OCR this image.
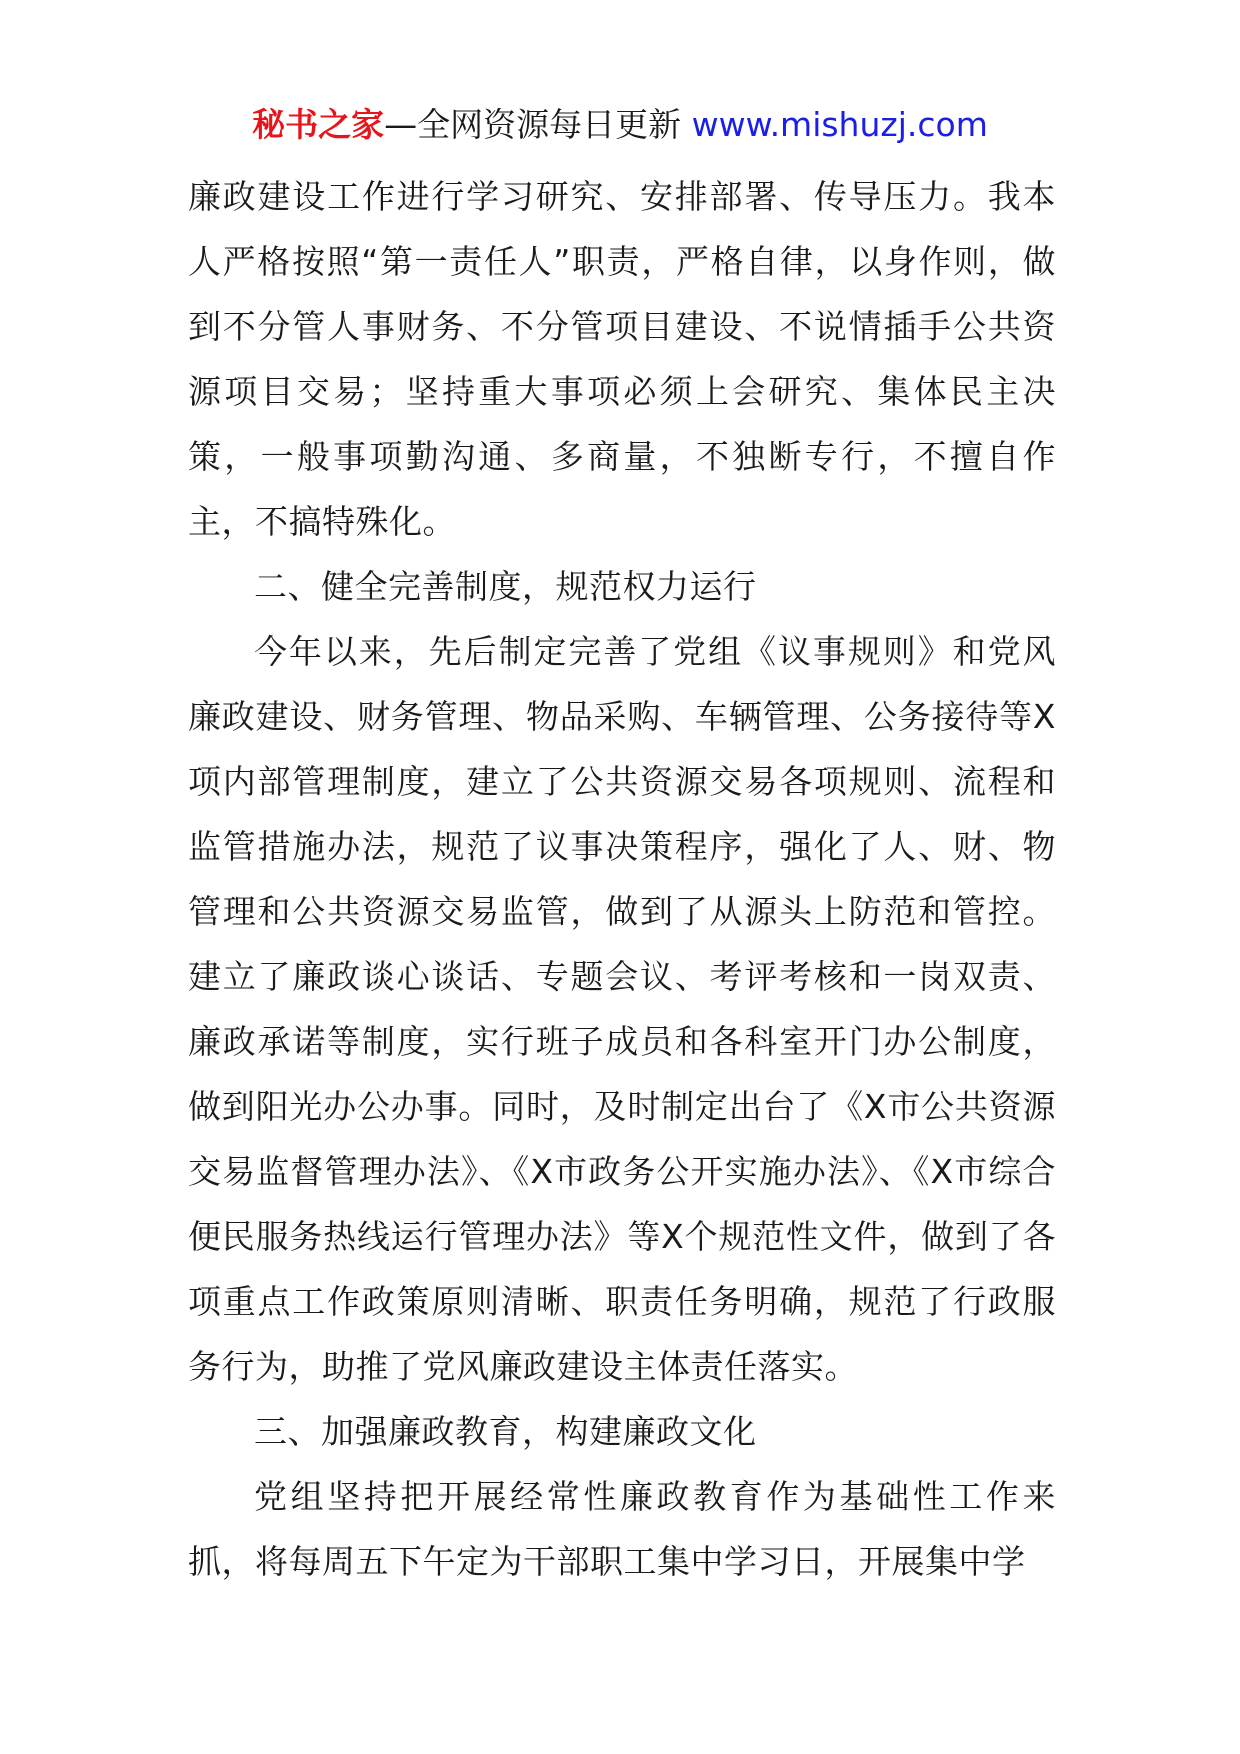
秘书之家—全网资源每日更新 www.mishuzj.com

廉政建设工作进行学习研究、安排部署、传导压力。我本人严格按照“第一责任人”职责，严格自律，以身作则，做到不分管人事财务、不分管项目建设、不说情插手公共资源项目交易；坚持重大事项必须上会研究、集体民主决策，一般事项勤沟通、多商量，不独断专行，不擅自作主，不搞特殊化。

二、健全完善制度，规范权力运行

今年以来，先后制定完善了党组《议事规则》和党风廉政建设、财务管理、物品采购、车辆管理、公务接待等X项内部管理制度，建立了公共资源交易各项规则、流程和监管措施办法，规范了议事决策程序，强化了人、财、物管理和公共资源交易监管，做到了从源头上防范和管控。建立了廉政谈心谈话、专题会议、考评考核和一岗双责、廉政承诺等制度，实行班子成员和各科室开门办公制度，做到阳光办公办事。同时，及时制定出台了《X市公共资源交易监督管理办法》、《X市政务公开实施办法》、《X市综合便民服务热线运行管理办法》等X个规范性文件，做到了各项重点工作政策原则清晰、职责任务明确，规范了行政服务行为，助推了党风廉政建设主体责任落实。

三、加强廉政教育，构建廉政文化

党组坚持把开展经常性廉政教育作为基础性工作来抓，将每周五下午定为干部职工集中学习日，开展集中学
